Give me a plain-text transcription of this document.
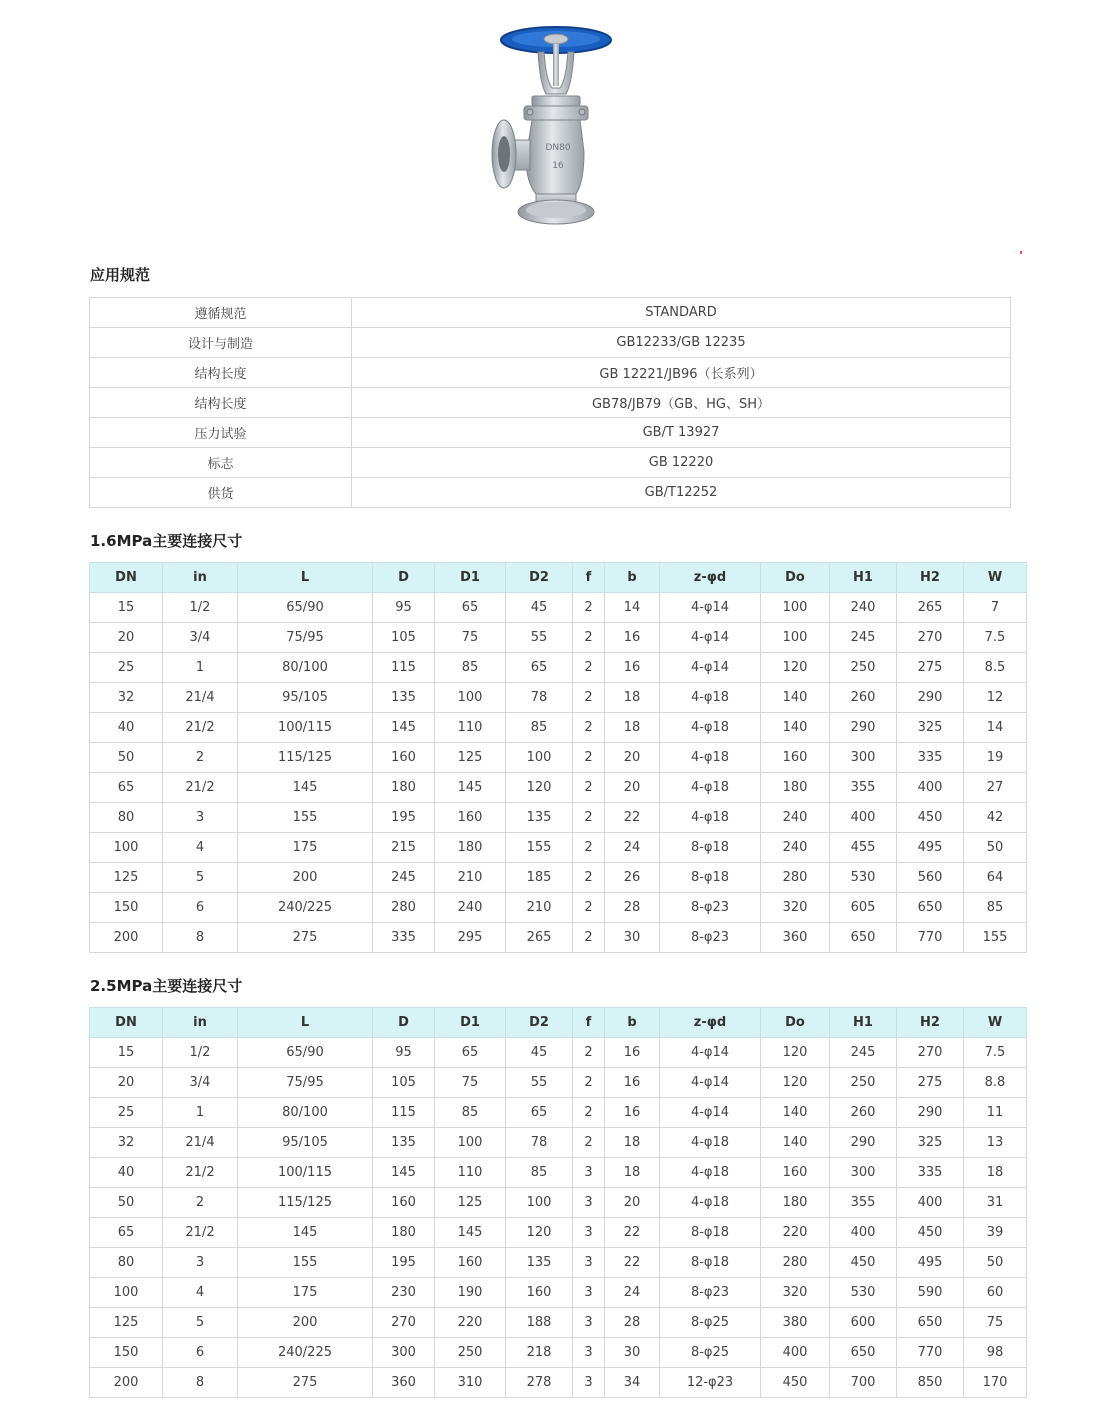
DN80
16
应用规范
遵循规范	STANDARD
设计与制造	GB12233/GB 12235
结构长度	GB 12221/JB96（长系列）
结构长度	GB78/JB79（GB、HG、SH）
压力试验	GB/T 13927
标志	GB 12220
供货	GB/T12252
1.6MPa主要连接尺寸
DN	in	L	D	D1	D2	f	b	z-φd	Do	H1	H2	W
15	1/2	65/90	95	65	45	2	14	4-φ14	100	240	265	7
20	3/4	75/95	105	75	55	2	16	4-φ14	100	245	270	7.5
25	1	80/100	115	85	65	2	16	4-φ14	120	250	275	8.5
32	21/4	95/105	135	100	78	2	18	4-φ18	140	260	290	12
40	21/2	100/115	145	110	85	2	18	4-φ18	140	290	325	14
50	2	115/125	160	125	100	2	20	4-φ18	160	300	335	19
65	21/2	145	180	145	120	2	20	4-φ18	180	355	400	27
80	3	155	195	160	135	2	22	4-φ18	240	400	450	42
100	4	175	215	180	155	2	24	8-φ18	240	455	495	50
125	5	200	245	210	185	2	26	8-φ18	280	530	560	64
150	6	240/225	280	240	210	2	28	8-φ23	320	605	650	85
200	8	275	335	295	265	2	30	8-φ23	360	650	770	155
2.5MPa主要连接尺寸
DN	in	L	D	D1	D2	f	b	z-φd	Do	H1	H2	W
15	1/2	65/90	95	65	45	2	16	4-φ14	120	245	270	7.5
20	3/4	75/95	105	75	55	2	16	4-φ14	120	250	275	8.8
25	1	80/100	115	85	65	2	16	4-φ14	140	260	290	11
32	21/4	95/105	135	100	78	2	18	4-φ18	140	290	325	13
40	21/2	100/115	145	110	85	3	18	4-φ18	160	300	335	18
50	2	115/125	160	125	100	3	20	4-φ18	180	355	400	31
65	21/2	145	180	145	120	3	22	8-φ18	220	400	450	39
80	3	155	195	160	135	3	22	8-φ18	280	450	495	50
100	4	175	230	190	160	3	24	8-φ23	320	530	590	60
125	5	200	270	220	188	3	28	8-φ25	380	600	650	75
150	6	240/225	300	250	218	3	30	8-φ25	400	650	770	98
200	8	275	360	310	278	3	34	12-φ23	450	700	850	170
